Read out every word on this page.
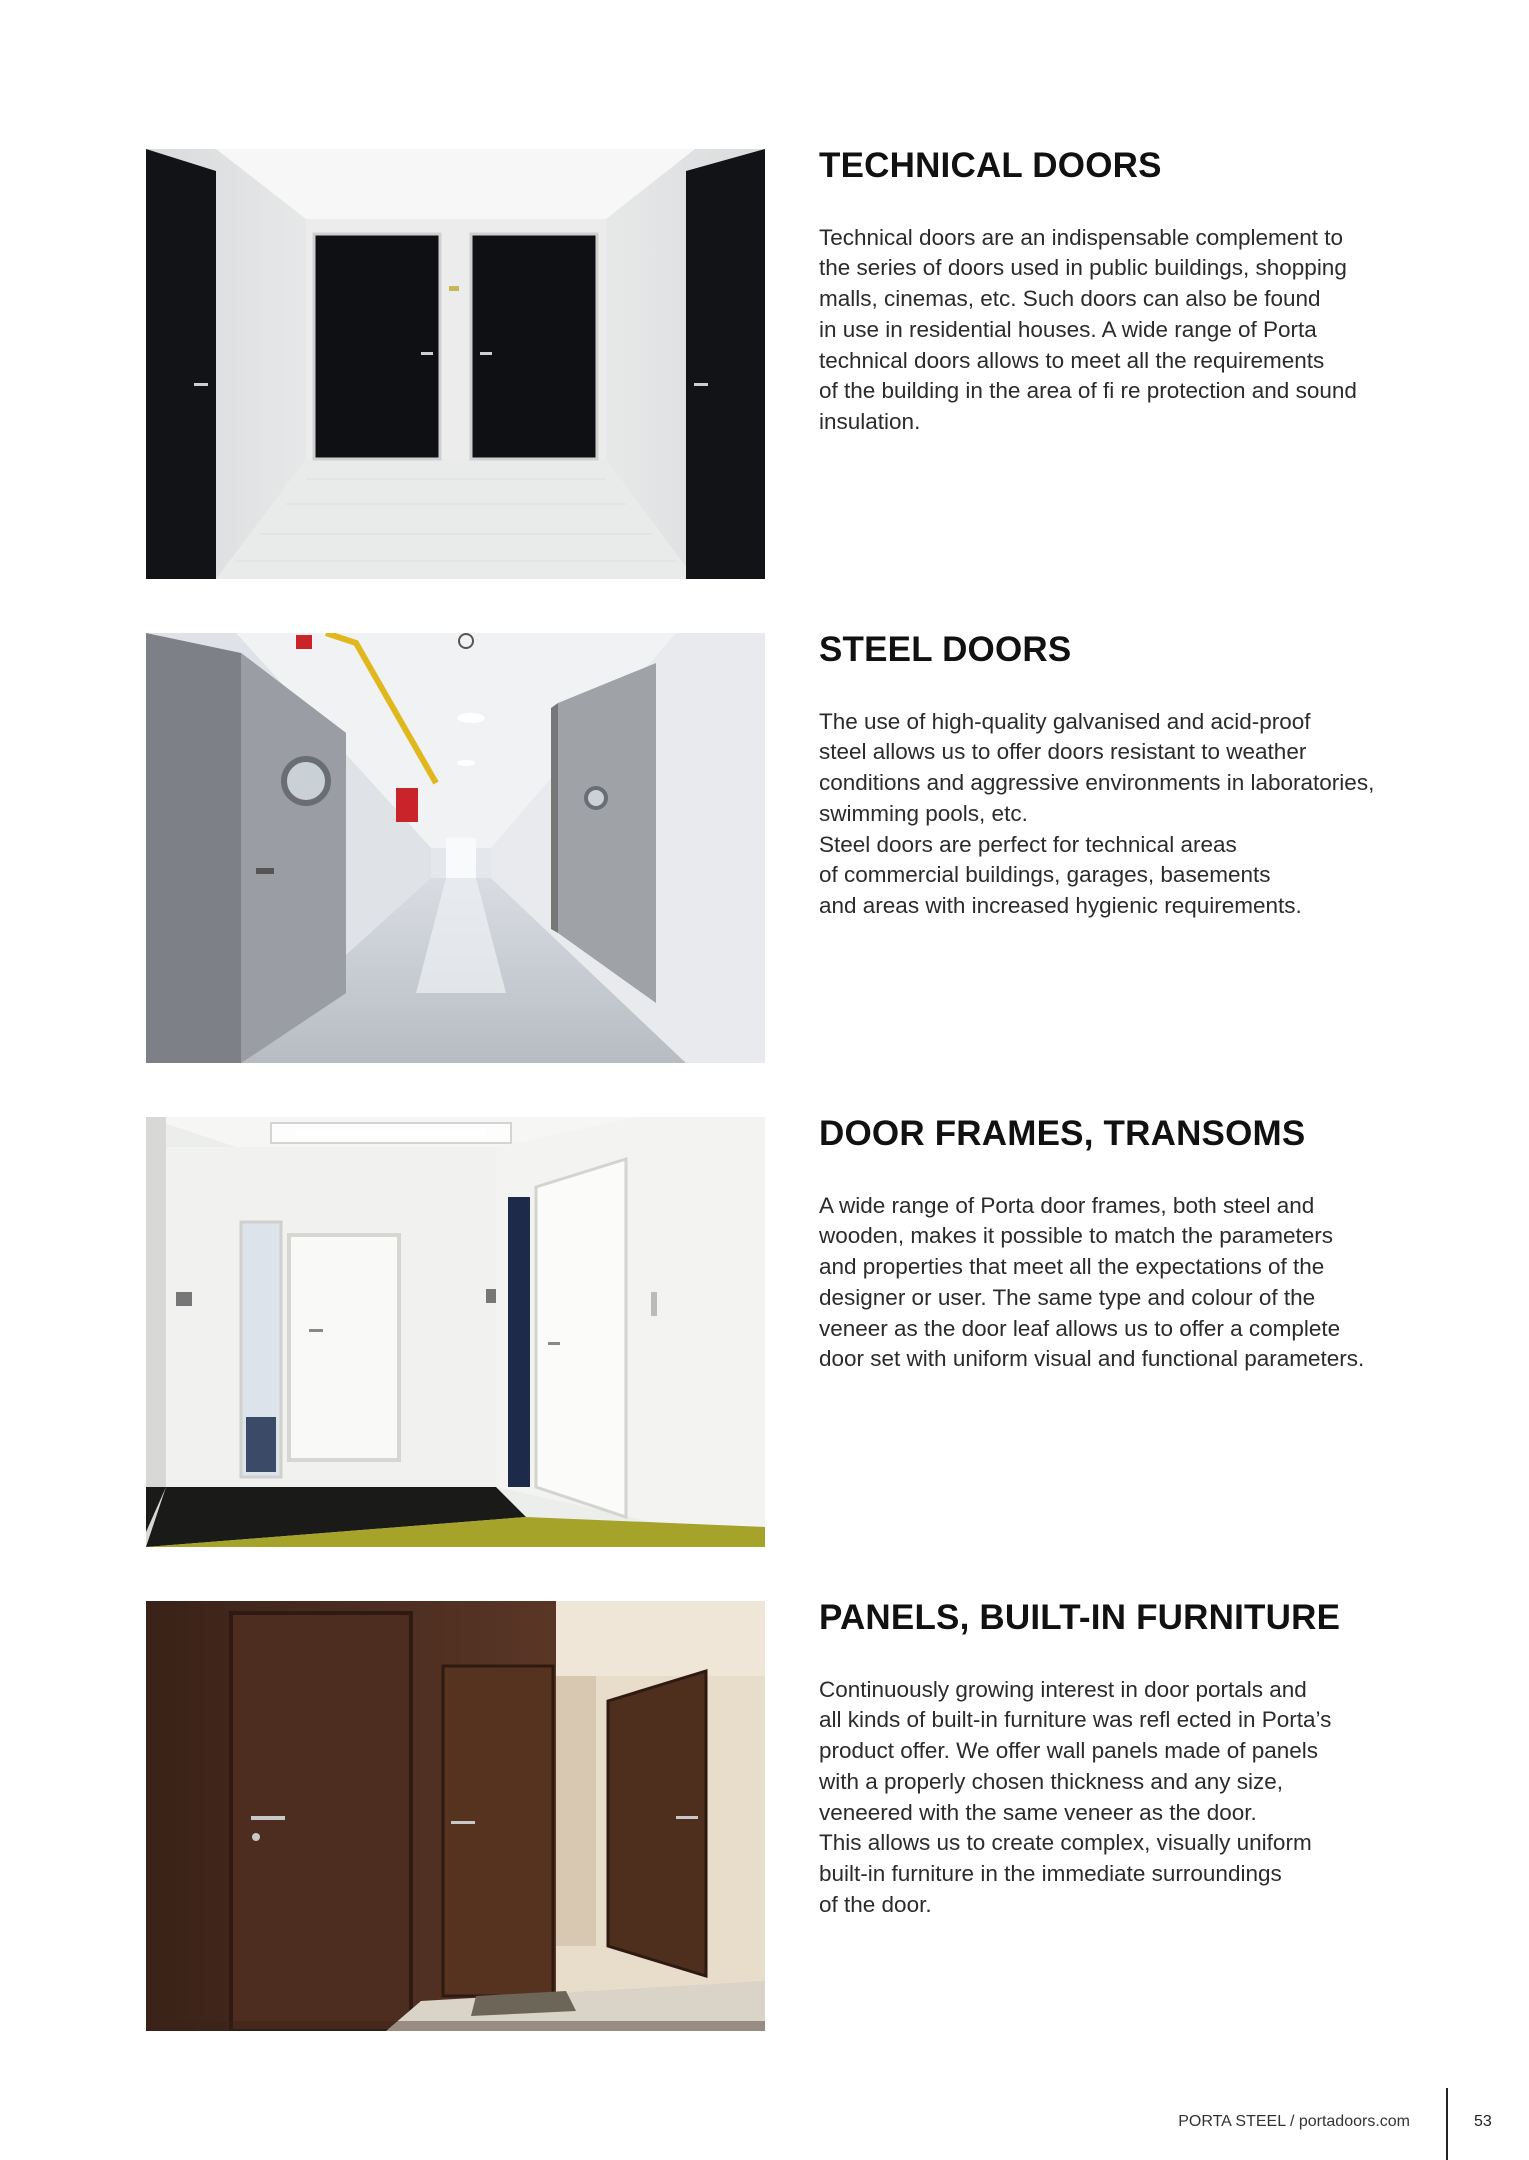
TECHNICAL DOORS
Technical doors are an indispensable complement to
the series of doors used in public buildings, shopping
malls, cinemas, etc. Such doors can also be found
in use in residential houses. A wide range of Porta
technical doors allows to meet all the requirements
of the building in the area of fi re protection and sound
insulation.
STEEL DOORS
The use of high-quality galvanised and acid-proof
steel allows us to offer doors resistant to weather
conditions and aggressive environments in laboratories,
swimming pools, etc.
Steel doors are perfect for technical areas
of commercial buildings, garages, basements
and areas with increased hygienic requirements.
DOOR FRAMES, TRANSOMS
A wide range of Porta door frames, both steel and
wooden, makes it possible to match the parameters
and properties that meet all the expectations of the
designer or user. The same type and colour of the
veneer as the door leaf allows us to offer a complete
door set with uniform visual and functional parameters.
PANELS, BUILT-IN FURNITURE
Continuously growing interest in door portals and
all kinds of built-in furniture was refl ected in Porta’s
product offer. We offer wall panels made of panels
with a properly chosen thickness and any size,
veneered with the same veneer as the door.
This allows us to create complex, visually uniform
built-in furniture in the immediate surroundings
of the door.
PORTA STEEL / portadoors.com	53
